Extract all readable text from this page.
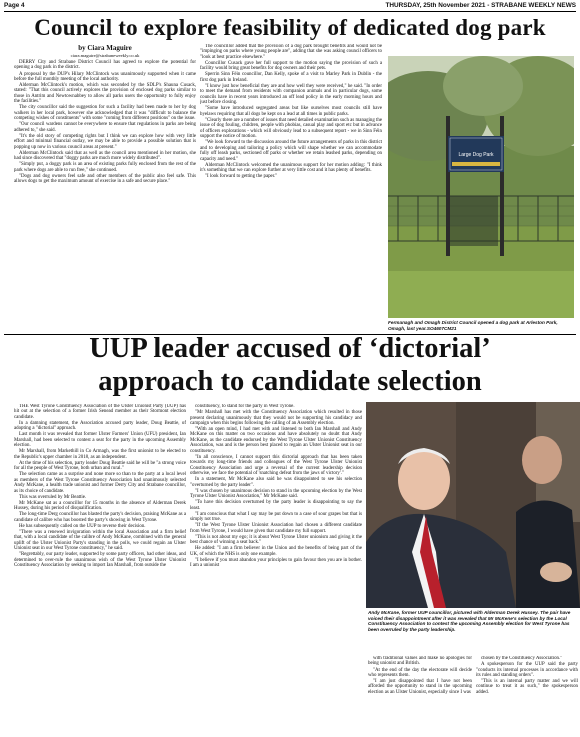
Page 4	THURSDAY, 25th November 2021 - STRABANE WEEKLY NEWS
Council to explore feasibility of dedicated dog park
by Ciara Maguire
ciara.maguire@strabaneweekly.co.uk

DERRY City and Strabane District Council has agreed to explore the potential for opening a dog park in the district.

A proposal by the DUP's Hilary McClintock was unanimously supported when it came before the full monthly meeting of the local authority.

Alderman McClintock's motion, which was seconded by the SDLP's Shauna Cusack, stated: "That this council actively explores the provision of enclosed dog parks similar to those in Antrim and Newtownabbey to allow all parks users the opportunity to fully enjoy the facilities."

The city councillor said the suggestion for such a facility had been made to her by dog walkers in her local park, however she acknowledged that it was "difficult to balance the competing wishes of constituents" with some "coming from different positions" on the issue.

"Our council wardens cannot be everywhere to ensure that regulations in parks are being adhered to," she said.

"It's the old story of competing rights but I think we can explore how with very little effort and minimal financial outlay, we may be able to provide a possible solution that is popping up now in various council areas at present."

Alderman McClintock said that as well as the council area mentioned in her motion, she had since discovered that "doggy parks are much more widely distributed".

"Simply put, a doggy park is an area of existing parks fully enclosed from the rest of the park where dogs are able to run free," she continued.

"Dogs and dog owners feel safe and other members of the public also feel safe. This allows dogs to get the maximum amount of exercise in a safe and secure place."

The councillor added that the provision of a dog park brought benefits and would not be "impinging on parks where young people are", adding that she was asking council officers to "look at best practice elsewhere."

Councillor Cusack gave her full support to the motion saying the provision of such a facility would bring great benefits for dog owners and their pets.

Sperrin Sinn Féin councillor, Dan Kelly, spoke of a visit to Marley Park in Dublin - the first dog park in Ireland.

"I know just how beneficial they are and how well they were received," he said. "In order to meet the demand from residents with companion animals and in particular dogs, some councils have in recent years introduced an off lead policy in the early morning hours and just before closing.

"Some have introduced segregated areas but like ourselves most councils still have byelaws requiring that all dogs be kept on a lead at all times in public parks.

"Clearly there are a number of issues that need detailed examination such as managing the issue of dog fouling, children, people with phobias, casual play and sport etc but in advance of officers explorations - which will obviously lead to a subsequent report - we in Sinn Féin support the notice of motion.

"We look forward to the discussion around the future arrangements of parks in this district and to developing and tailoring a policy which will shape whether we can accommodate fully off leash parks, sectioned off parks or whether we retain leashed parks, depending on capacity and need."

Alderman McClintock welcomed the unanimous support for her motion adding: "I think it's something that we can explore further at very little cost and it has plenty of benefits.

"I look forward to getting the paper."

Large Dog Park
Fermanagh and Omagh District Council opened a dog park at Arleston Park, Omagh, last year.SO4607CM21
UUP leader accused of ‘dictorial’
approach to candidate selection

THE West Tyrone Constituency Association of the Ulster Unionist Party (UUP) has hit out at the selection of a former Irish Senead member as their Stormont election candidate.

In a damning statement, the Association accused party leader, Doug Beattie, of adopting a "dictorial" approach.

Last month it was revealed that former Ulster Farmers' Union (UFU) president, Ian Marshall, had been selected to contest a seat for the party in the upcoming Assembly election.

Mr Marshall, from Markethill in Co Armagh, was the first unionist to be elected to the Republic's upper chamber in 2018, as an independent.

At the time of his selection, party leader Doug Beattie said he will be "a strong voice for all the people of West Tyrone, both urban and rural."

The selection came as a surprise and none more so than to the party at a local level as members of the West Tyrone Constituency Association had unanimously selected Andy McKane, a health trade unionist and former Derry City and Strabane councillor, as its choice of candidate.

This was overruled by Mr Beattie.

Mr McKane sat as a councillor for 15 months in the absence of Alderman Derek Hussey, during his period of disqualification.

The long-time Derg councillor has blasted the party's decision, praising McKane as a candidate of calibre who has boosted the party's showing in West Tyrone.

He has subsequently called on the UUP to reverse their decision.

"There was a renewed invigoration within the local Association and a firm belief that, with a local candidate of the calibre of Andy McKane, combined with the general uplift of the Ulster Unionist Party's standing in the polls, we could regain an Ulster Unionist seat in our West Tyrone constituency," he said.

"Regrettably, our party leader, supported by some party officers, had other ideas, and determined to over-rule the unanimous wish of the West Tyrone Ulster Unionist Constituency Association by seeking to import Ian Marshall, from outside the

constituency, to stand for the party in West Tyrone.

"Mr Marshall has met with the Constituency Association which resulted in those present declaring unanimously that they would not be supporting his candidacy and campaign when this begins following the calling of an Assembly election.

"With an open mind, I had met with and listened to both Ian Marshall and Andy McKane on this matter on two occasions and have absolutely no doubt that Andy McKane, as the candidate endorsed by the West Tyrone Ulster Unionist Constituency Association, was and is the person best placed to regain an Ulster Unionist seat in our constituency.

"In all conscience, I cannot support this dictorial approach that has been taken towards my long-time friends and colleagues of the West Tyrone Ulster Unionist Constituency Association and urge a reversal of the current leadership decision otherwise, we face the potential of 'snatching defeat from the jaws of victory'."

In a statement, Mr McKane also said he was disappointed to see his selection "overturned by the party leader".

"I was chosen by unanimous decision to stand in the upcoming election by the West Tyrone Ulster Unionist Association," Mr McKane said.

"To have this decision overturned by the party leader is disappointing to say the least.

"I am conscious that what I say may be put down to a case of sour grapes but that is simply not true.

"If the West Tyrone Ulster Unionist Association had chosen a different candidate from West Tyrone, I would have given that candidate my full support.

"This is not about my ego; it is about West Tyrone Ulster unionism and giving it the best chance of winning a seat back."

He added: "I am a firm believer in the Union and the benefits of being part of the UK, of which the NHS is only one example.

"I believe if you must abandon your principles to gain favour then you are in bother. I am a unionist

Andy McKane, former UUP councillor, pictured with Alderman Derek Hussey. The pair have voiced their disappointment after it was revealed that Mr McKene's selection by the Local Constituency Association to contest the upcoming Assembly election for West Tyrone has been overruled by the party leadership.

with traditional values and make no apologies for being unionist and British.

"At the end of the day the electorate will decide who represents them.

"I am just disappointed that I have not been afforded the opportunity to stand in the upcoming election as an Ulster Unionist, especially since I was

chosen by the Constituency Association."

A spokesperson for the UUP said the party "conducts its internal processes in accordance with its rules and standing orders".

"This is an internal party matter and we will continue to treat it as such," the spokesperson added.
